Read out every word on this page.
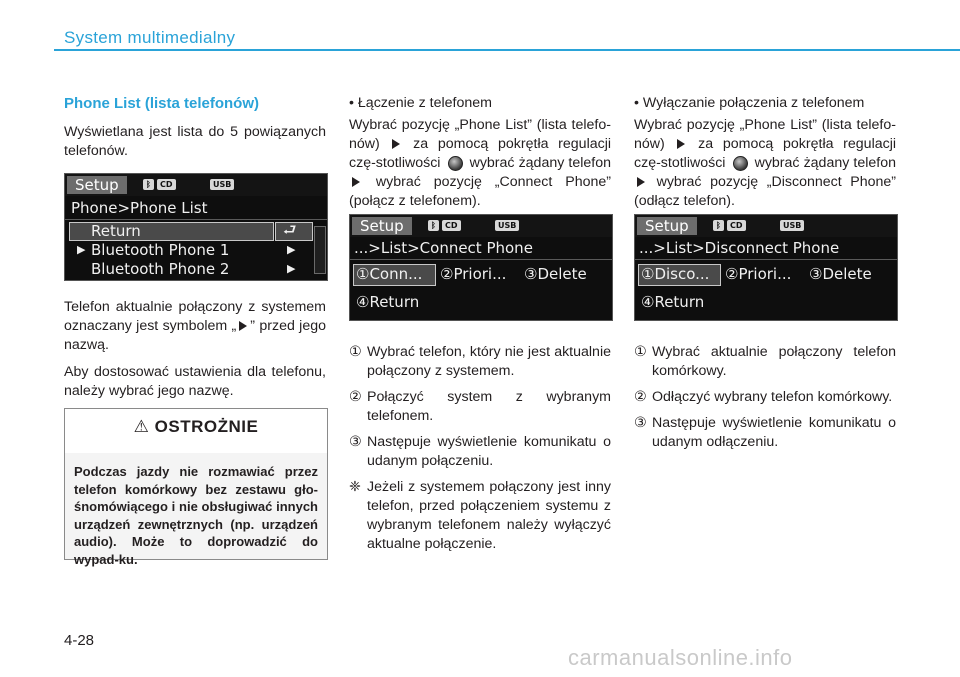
System multimedialny
Phone List (lista telefonów)

Wyświetlana jest lista do 5 powiązanych telefonów.

Setup	ᛒ	CD	USB
Phone>Phone List
Return	⮐
▶ Bluetooth Phone 1	▶
Bluetooth Phone 2	▶

Telefon aktualnie połączony z systemem oznaczany jest symbolem „ ” przed jego nazwą.

Aby dostosować ustawienia dla telefonu, należy wybrać jego nazwę.

⚠ OSTROŻNIE
Podczas jazdy nie rozmawiać przez telefon komórkowy bez zestawu gło-śnomówiącego i nie obsługiwać innych urządzeń zewnętrznych (np. urządzeń audio). Może to doprowadzić do wypad-ku.

• Łączenie z telefonem

Wybrać pozycję „Phone List” (lista telefo-nów) za pomocą pokrętła regulacji czę-stotliwości wybrać żądany telefon  wybrać pozycję „Connect Phone” (połącz z telefonem).

Setup	ᛒ	CD	USB
...>List>Connect Phone
①Conn... ②Priori... ③Delete
④Return
① Wybrać telefon, który nie jest aktualnie połączony z systemem.
② Połączyć system z wybranym telefonem.
③ Następuje wyświetlenie komunikatu o udanym połączeniu.
❈ Jeżeli z systemem połączony jest inny telefon, przed połączeniem systemu z wybranym telefonem należy wyłączyć aktualne połączenie.

• Wyłączanie połączenia z telefonem

Wybrać pozycję „Phone List” (lista telefo-nów) za pomocą pokrętła regulacji czę-stotliwości wybrać żądany telefon  wybrać pozycję „Disconnect Phone” (odłącz telefon).

Setup	ᛒ	CD	USB
...>List>Disconnect Phone
①Disco... ②Priori... ③Delete
④Return
① Wybrać aktualnie połączony telefon komórkowy.
② Odłączyć wybrany telefon komórkowy.
③ Następuje wyświetlenie komunikatu o udanym odłączeniu.
4-28
carmanualsonline.info
